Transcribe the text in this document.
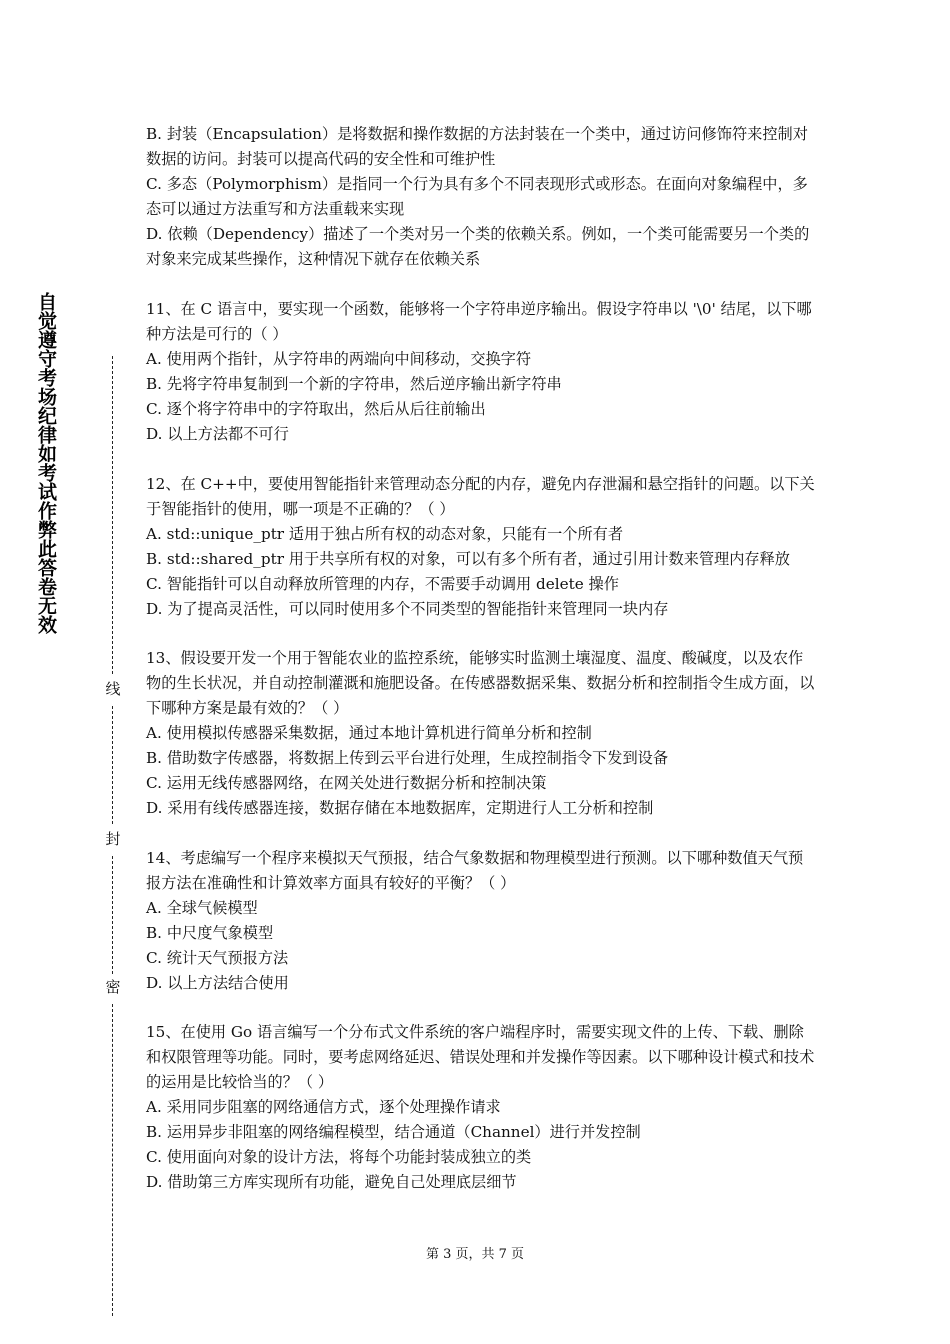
自觉遵守考场纪律如考试作弊此答卷无效
线
封
密

B. 封装（Encapsulation）是将数据和操作数据的方法封装在一个类中，通过访问修饰符来控制对数据的访问。封装可以提高代码的安全性和可维护性

C. 多态（Polymorphism）是指同一个行为具有多个不同表现形式或形态。在面向对象编程中，多态可以通过方法重写和方法重载来实现

D. 依赖（Dependency）描述了一个类对另一个类的依赖关系。例如，一个类可能需要另一个类的对象来完成某些操作，这种情况下就存在依赖关系

11、在 C 语言中，要实现一个函数，能够将一个字符串逆序输出。假设字符串以 '\0' 结尾，以下哪种方法是可行的（ ）

A. 使用两个指针，从字符串的两端向中间移动，交换字符

B. 先将字符串复制到一个新的字符串，然后逆序输出新字符串

C. 逐个将字符串中的字符取出，然后从后往前输出

D. 以上方法都不可行

12、在 C++中，要使用智能指针来管理动态分配的内存，避免内存泄漏和悬空指针的问题。以下关于智能指针的使用，哪一项是不正确的？（ ）

A. std::unique_ptr 适用于独占所有权的动态对象，只能有一个所有者

B. std::shared_ptr 用于共享所有权的对象，可以有多个所有者，通过引用计数来管理内存释放

C. 智能指针可以自动释放所管理的内存，不需要手动调用 delete 操作

D. 为了提高灵活性，可以同时使用多个不同类型的智能指针来管理同一块内存

13、假设要开发一个用于智能农业的监控系统，能够实时监测土壤湿度、温度、酸碱度，以及农作物的生长状况，并自动控制灌溉和施肥设备。在传感器数据采集、数据分析和控制指令生成方面，以下哪种方案是最有效的？（ ）

A. 使用模拟传感器采集数据，通过本地计算机进行简单分析和控制

B. 借助数字传感器，将数据上传到云平台进行处理，生成控制指令下发到设备

C. 运用无线传感器网络，在网关处进行数据分析和控制决策

D. 采用有线传感器连接，数据存储在本地数据库，定期进行人工分析和控制

14、考虑编写一个程序来模拟天气预报，结合气象数据和物理模型进行预测。以下哪种数值天气预报方法在准确性和计算效率方面具有较好的平衡？（ ）

A. 全球气候模型

B. 中尺度气象模型

C. 统计天气预报方法

D. 以上方法结合使用

15、在使用 Go 语言编写一个分布式文件系统的客户端程序时，需要实现文件的上传、下载、删除和权限管理等功能。同时，要考虑网络延迟、错误处理和并发操作等因素。以下哪种设计模式和技术的运用是比较恰当的？（ ）

A. 采用同步阻塞的网络通信方式，逐个处理操作请求

B. 运用异步非阻塞的网络编程模型，结合通道（Channel）进行并发控制

C. 使用面向对象的设计方法，将每个功能封装成独立的类

D. 借助第三方库实现所有功能，避免自己处理底层细节

第 3 页，共 7 页
